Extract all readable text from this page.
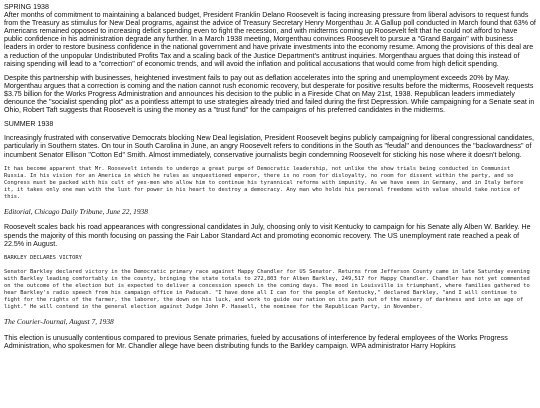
SPRING 1938

After months of commitment to maintaining a balanced budget, President Franklin Delano Roosevelt is facing increasing pressure from liberal advisors to request funds from the Treasury as stimulus for New Deal programs, against the advice of Treasury Secretary Henry Morgenthau Jr. A Gallup poll conducted in March found that 63% of Americans remained opposed to increasing deficit spending even to fight the recession, and with midterms coming up Roosevelt felt that he could not afford to have public confidence in his administration degrade any further. In a March 1938 meeting, Morgenthau convinces Roosevelt to pursue a "Grand Bargain" with business leaders in order to restore business confidence in the national government and have private investments into the economy resume. Among the provisions of this deal are a reduction of the unpopular Undistributed Profits Tax and a scaling back of the Justice Department's antitrust inquiries. Morgenthau argues that doing this instead of raising spending will lead to a "correction" of economic trends, and will avoid the inflation and political accusations that would come from high deficit spending.

Despite this partnership with businesses, heightened investment fails to pay out as deflation accelerates into the spring and unemployment exceeds 20% by May. Morgenthau argues that a correction is coming and the nation cannot rush economic recovery, but desperate for positive results before the midterms, Roosevelt requests $3.75 billion for the Works Progress Administration and announces his decision to the public in a Fireside Chat on May 21st, 1938. Republican leaders immediately denounce the "socialist spending plot" as a pointless attempt to use strategies already tried and failed during the first Depression. While campaigning for a Senate seat in Ohio, Robert Taft suggests that Roosevelt is using the money as a "trust fund" for the campaigns of his preferred candidates in the midterms.

SUMMER 1938

Increasingly frustrated with conservative Democrats blocking New Deal legislation, President Roosevelt begins publicly campaigning for liberal congressional candidates, particularly in Southern states. On tour in South Carolina in June, an angry Roosevelt refers to conditions in the South as "feudal" and denounces the "backwardness" of incumbent Senator Ellison "Cotton Ed" Smith. Almost immediately, conservative journalists begin condemning Roosevelt for sticking his nose where it doesn't belong.

It has become apparent that Mr. Roosevelt intends to undergo a great purge of Democratic leadership, not unlike the show trials being conducted in Communist Russia. In his vision for an America in which he rules as unquestioned emperor, there is no room for disloyalty, no room for dissent within the party, and so Congress must be packed with his cult of yes-men who allow him to continue his tyrannical reforms with impunity. As we have seen in Germany, and in Italy before it, it takes only one man with the lust for power in his heart to destroy a democracy. Any man who holds his personal freedoms with value should take notice of this.

Editorial, Chicago Daily Tribune, June 22, 1938

Roosevelt scales back his road appearances with congressional candidates in July, choosing only to visit Kentucky to campaign for his Senate ally Alben W. Barkley. He spends the majority of this month focusing on passing the Fair Labor Standard Act and promoting economic recovery. The US unemployment rate reached a peak of 22.5% in August.

BARKLEY DECLARES VICTORY

Senator Barkley declared victory in the Democratic primary race against Happy Chandler for US Senator. Returns from Jefferson County came in late Saturday evening with Barkley leading comfortably in the county, bringing the state totals to 272,803 for Alben Barkley, 249,517 for Happy Chandler. Chandler has not yet commented on the outcome of the election but is expected to deliver a concession speech in the coming days. The mood in Louisville is triumphant, where families gathered to hear Barkley's radio speech from his campaign office in Paducah. "I have done all I can for the people of Kentucky," declared Barkley, "and I will continue to fight for the rights of the farmer, the laborer, the down on his luck, and work to guide our nation on its path out of the misery of darkness and into an age of light." He will contend in the general election against Judge John P. Haswell, the nominee for the Republican Party, in November.

The Courier-Journal, August 7, 1938

This election is unusually contentious compared to previous Senate primaries, fueled by accusations of interference by federal employees of the Works Progress Administration, who spokesmen for Mr. Chandler allege have been distributing funds to the Barkley campaign. WPA administrator Harry Hopkins
